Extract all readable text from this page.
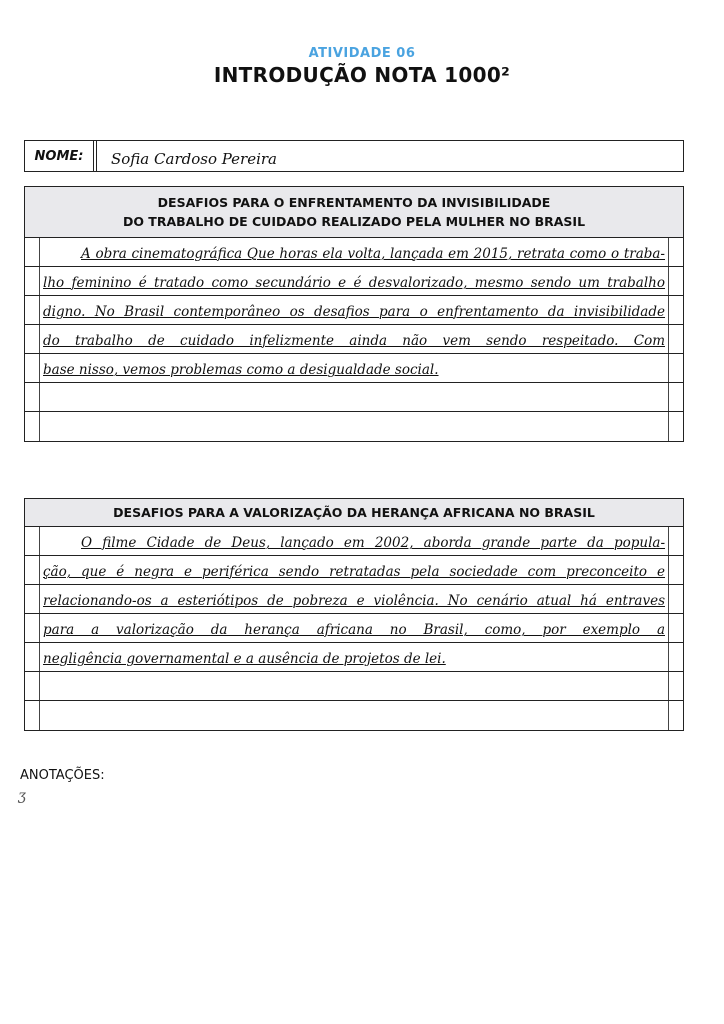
ATIVIDADE 06
INTRODUÇÃO NOTA 1000²
NOME:	Sofia Cardoso Pereira
DESAFIOS PARA O ENFRENTAMENTO DA INVISIBILIDADE
DO TRABALHO DE CUIDADO REALIZADO PELA MULHER NO BRASIL
A obra cinematográfica Que horas ela volta, lançada em 2015, retrata como o traba-
lho feminino é tratado como secundário e é desvalorizado, mesmo sendo um trabalho
digno. No Brasil contemporâneo os desafios para o enfrentamento da invisibilidade
do trabalho de cuidado infelizmente ainda não vem sendo respeitado. Com
base nisso, vemos problemas como a desigualdade social.
DESAFIOS PARA A VALORIZAÇÃO DA HERANÇA AFRICANA NO BRASIL
O filme Cidade de Deus, lançado em 2002, aborda grande parte da popula-
ção, que é negra e periférica sendo retratadas pela sociedade com preconceito e
relacionando-os a esteriótipos de pobreza e violência. No cenário atual há entraves
para a valorização da herança africana no Brasil, como, por exemplo a
negligência governamental e a ausência de projetos de lei.
ANOTAÇÕES:
ʒ
